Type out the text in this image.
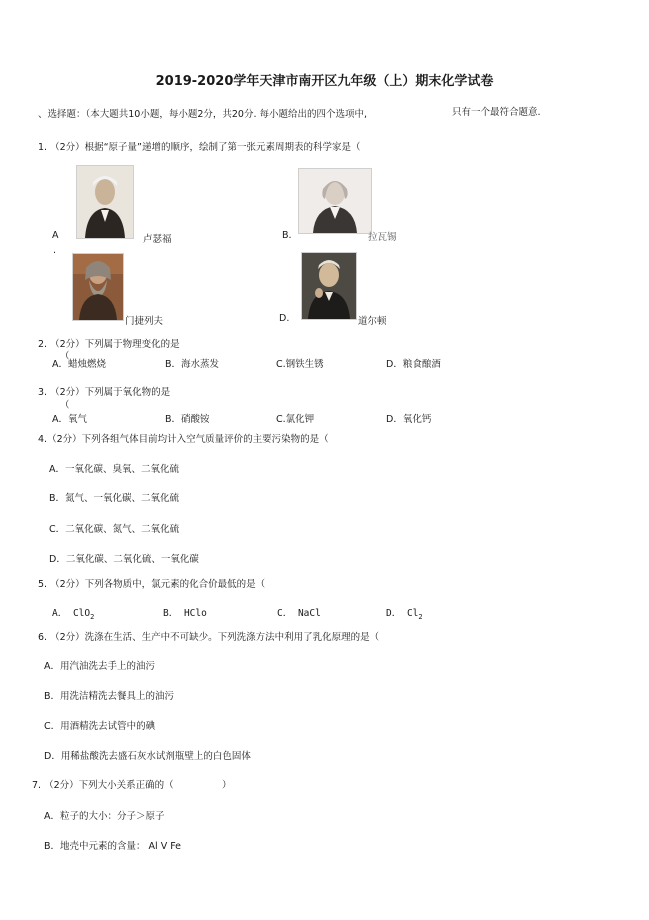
2019-2020学年天津市南开区九年级（上）期末化学试卷
、选择题：（本大题共10小题，每小题2分，共20分. 每小题给出的四个选项中,	只有一个最符合题意.
1. （2分）根据“原子量”递增的顺序，绘制了第一张元素周期表的科学家是（
A	卢瑟福	B.	拉瓦锡
.
门捷列夫	D.	道尔顿
2. （2分）下列属于物理变化的是
（
A．蜡烛燃烧	B．海水蒸发	C.钢铁生锈	D．粮食酿酒
3. （2分）下列属于氧化物的是
（
A．氧气	B．硝酸铵	C.氯化钾	D．氧化钙
4.（2分）下列各组气体目前均计入空气质量评价的主要污染物的是（
A．一氧化碳、臭氧、二氧化硫
B．氮气、一氧化碳、二氧化硫
C．二氧化碳、氮气、二氧化硫
D．二氧化碳、二氧化硫、一氧化碳
5. （2分）下列各物质中，氯元素的化合价最低的是（
A． ClO$_2$	B． HClo	C． NaCl	D． $Cl_2$
6. （2分）洗涤在生活、生产中不可缺少。下列洗涤方法中利用了乳化原理的是（
A．用汽油洗去手上的油污
B．用洗洁精洗去餐具上的油污
C．用酒精洗去试管中的碘
D．用稀盐酸洗去盛石灰水试剂瓶壁上的白色固体
7. （2分）下列大小关系正确的（	）
A．粒子的大小：分子＞原子
B．地壳中元素的含量： Al V Fe
